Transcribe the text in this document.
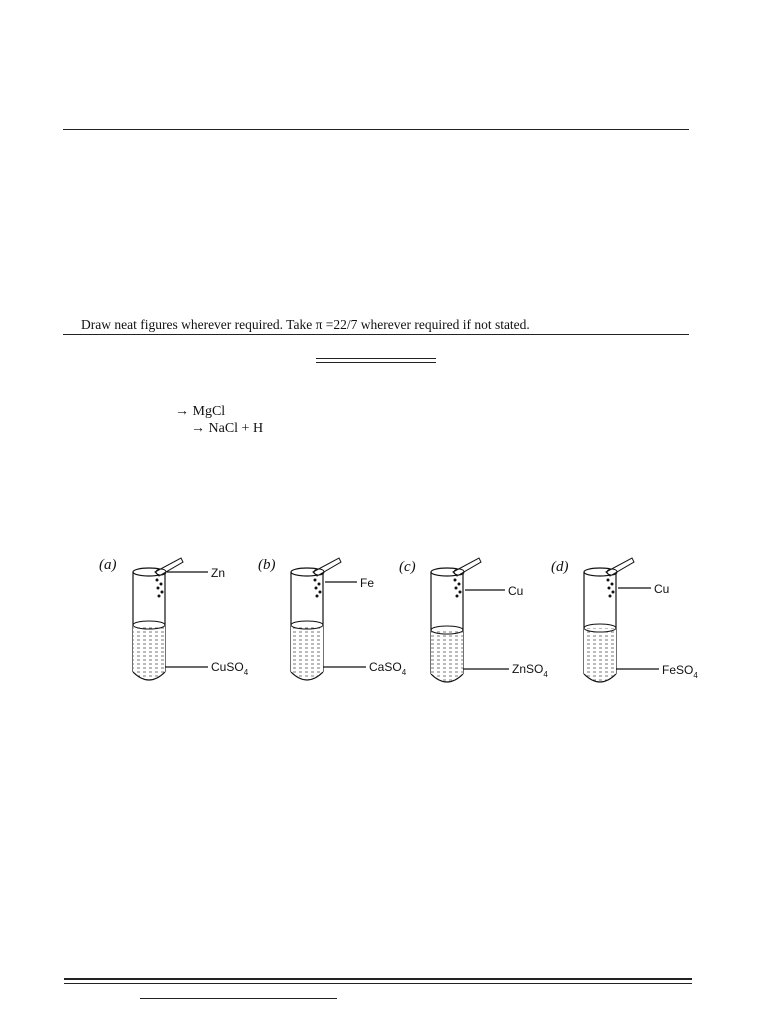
Draw neat figures wherever required. Take π =22/7 wherever required if not stated.
→ MgCl
→ NaCl + H
(a)	Zn
CuSO$_4$
(b)
Fe
CaSO$_4$
(c)
Cu
ZnSO$_4$
(d)
Cu
FeSO$_4$
